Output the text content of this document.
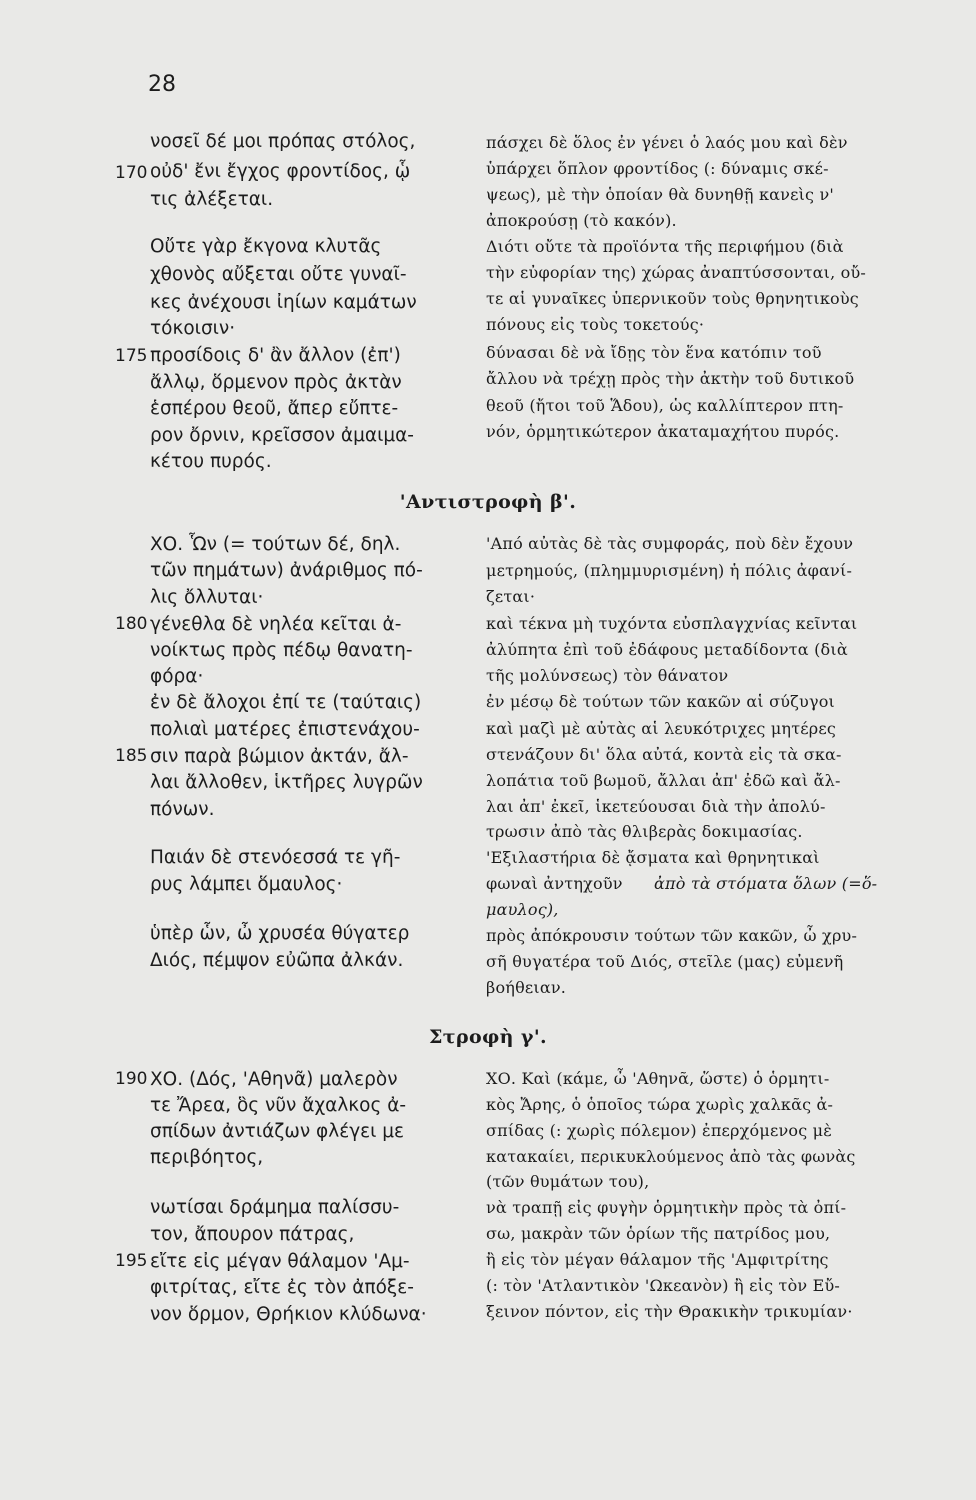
28
170
175
180
185
190
195
νοσεῖ δέ μοι πρόπας στόλος,
οὐδ' ἔνι ἔγχος φροντίδος, ᾧ
τις ἀλέξεται.
Οὔτε γὰρ ἔκγονα κλυτᾶς
χθονὸς αὔξεται οὔτε γυναῖ-
κες ἀνέχουσι ἰηίων καμάτων
τόκοισιν·
προσίδοις δ' ἂν ἄλλον (ἐπ')
ἄλλῳ, ὅρμενον πρὸς ἀκτὰν
ἑσπέρου θεοῦ, ἄπερ εὔπτε-
ρον ὄρνιν, κρεῖσσον ἀμαιμα-
κέτου πυρός.
ΧΟ. Ὧν (= τούτων δέ, δηλ.
τῶν πημάτων) ἀνάριθμος πό-
λις ὄλλυται·
γένεθλα δὲ νηλέα κεῖται ἀ-
νοίκτως πρὸς πέδῳ θανατη-
φόρα·
ἐν δὲ ἄλοχοι ἐπί τε (ταύταις)
πολιαὶ ματέρες ἐπιστενάχου-
σιν παρὰ βώμιον ἀκτάν, ἄλ-
λαι ἄλλοθεν, ἱκτῆρες λυγρῶν
πόνων.
Παιάν δὲ στενόεσσά τε γῆ-
ρυς λάμπει ὅμαυλος·
ὑπὲρ ὧν, ὦ χρυσέα θύγατερ
Διός, πέμψον εὐῶπα ἀλκάν.
ΧΟ. (Δός, 'Αθηνᾶ) μαλερὸν
τε Ἄρεα, ὃς νῦν ἄχαλκος ἀ-
σπίδων ἀντιάζων φλέγει με
περιβόητος,
νωτίσαι δράμημα παλίσσυ-
τον, ἄπουρον πάτρας,
εἴτε εἰς μέγαν θάλαμον 'Αμ-
φιτρίτας, εἴτε ἐς τὸν ἀπόξε-
νον ὅρμον, Θρήκιον κλύδωνα·
'Αντιστροφὴ β'.
Στροφὴ γ'.
πάσχει δὲ ὅλος ἐν γένει ὁ λαός μου καὶ δὲν
ὑπάρχει ὅπλον φροντίδος (: δύναμις σκέ-
ψεως), μὲ τὴν ὁποίαν θὰ δυνηθῇ κανεὶς ν'
ἀποκρούσῃ (τὸ κακόν).
Διότι οὔτε τὰ προϊόντα τῆς περιφήμου (διὰ
τὴν εὐφορίαν της) χώρας ἀναπτύσσονται, οὔ-
τε αἱ γυναῖκες ὑπερνικοῦν τοὺς θρηνητικοὺς
πόνους εἰς τοὺς τοκετούς·
δύνασαι δὲ νὰ ἴδῃς τὸν ἕνα κατόπιν τοῦ
ἄλλου νὰ τρέχῃ πρὸς τὴν ἀκτὴν τοῦ δυτικοῦ
θεοῦ (ἤτοι τοῦ Ἅδου), ὡς καλλίπτερον πτη-
νόν, ὁρμητικώτερον ἀκαταμαχήτου πυρός.
'Από αὐτὰς δὲ τὰς συμφοράς, ποὺ δὲν ἔχουν
μετρημούς, (πλημμυρισμένη) ἡ πόλις ἀφανί-
ζεται·
καὶ τέκνα μὴ τυχόντα εὐσπλαγχνίας κεῖνται
ἀλύπητα ἐπὶ τοῦ ἐδάφους μεταδίδοντα (διὰ
τῆς μολύνσεως) τὸν θάνατον
ἐν μέσῳ δὲ τούτων τῶν κακῶν αἱ σύζυγοι
καὶ μαζὶ μὲ αὐτὰς αἱ λευκότριχες μητέρες
στενάζουν δι' ὅλα αὐτά, κοντὰ εἰς τὰ σκα-
λοπάτια τοῦ βωμοῦ, ἄλλαι ἀπ' ἐδῶ καὶ ἄλ-
λαι ἀπ' ἐκεῖ, ἱκετεύουσαι διὰ τὴν ἀπολύ-
τρωσιν ἀπὸ τὰς θλιβερὰς δοκιμασίας.
'Εξιλαστήρια δὲ ᾄσματα καὶ θρηνητικαὶ
φωναὶ ἀντηχοῦν ἀπὸ τὰ στόματα ὅλων (=ὅ-
μαυλος),
πρὸς ἀπόκρουσιν τούτων τῶν κακῶν, ὦ χρυ-
σῆ θυγατέρα τοῦ Διός, στεῖλε (μας) εὐμενῆ
βοήθειαν.
ΧΟ. Καὶ (κάμε, ὦ 'Αθηνᾶ, ὥστε) ὁ ὁρμητι-
κὸς Ἄρης, ὁ ὁποῖος τώρα χωρὶς χαλκᾶς ἀ-
σπίδας (: χωρὶς πόλεμον) ἐπερχόμενος μὲ
κατακαίει, περικυκλούμενος ἀπὸ τὰς φωνὰς
(τῶν θυμάτων του),
νὰ τραπῇ εἰς φυγὴν ὁρμητικὴν πρὸς τὰ ὀπί-
σω, μακρὰν τῶν ὁρίων τῆς πατρίδος μου,
ἢ εἰς τὸν μέγαν θάλαμον τῆς 'Αμφιτρίτης
(: τὸν 'Ατλαντικὸν 'Ωκεανὸν) ἢ εἰς τὸν Εὔ-
ξεινον πόντον, εἰς τὴν Θρακικὴν τρικυμίαν·
